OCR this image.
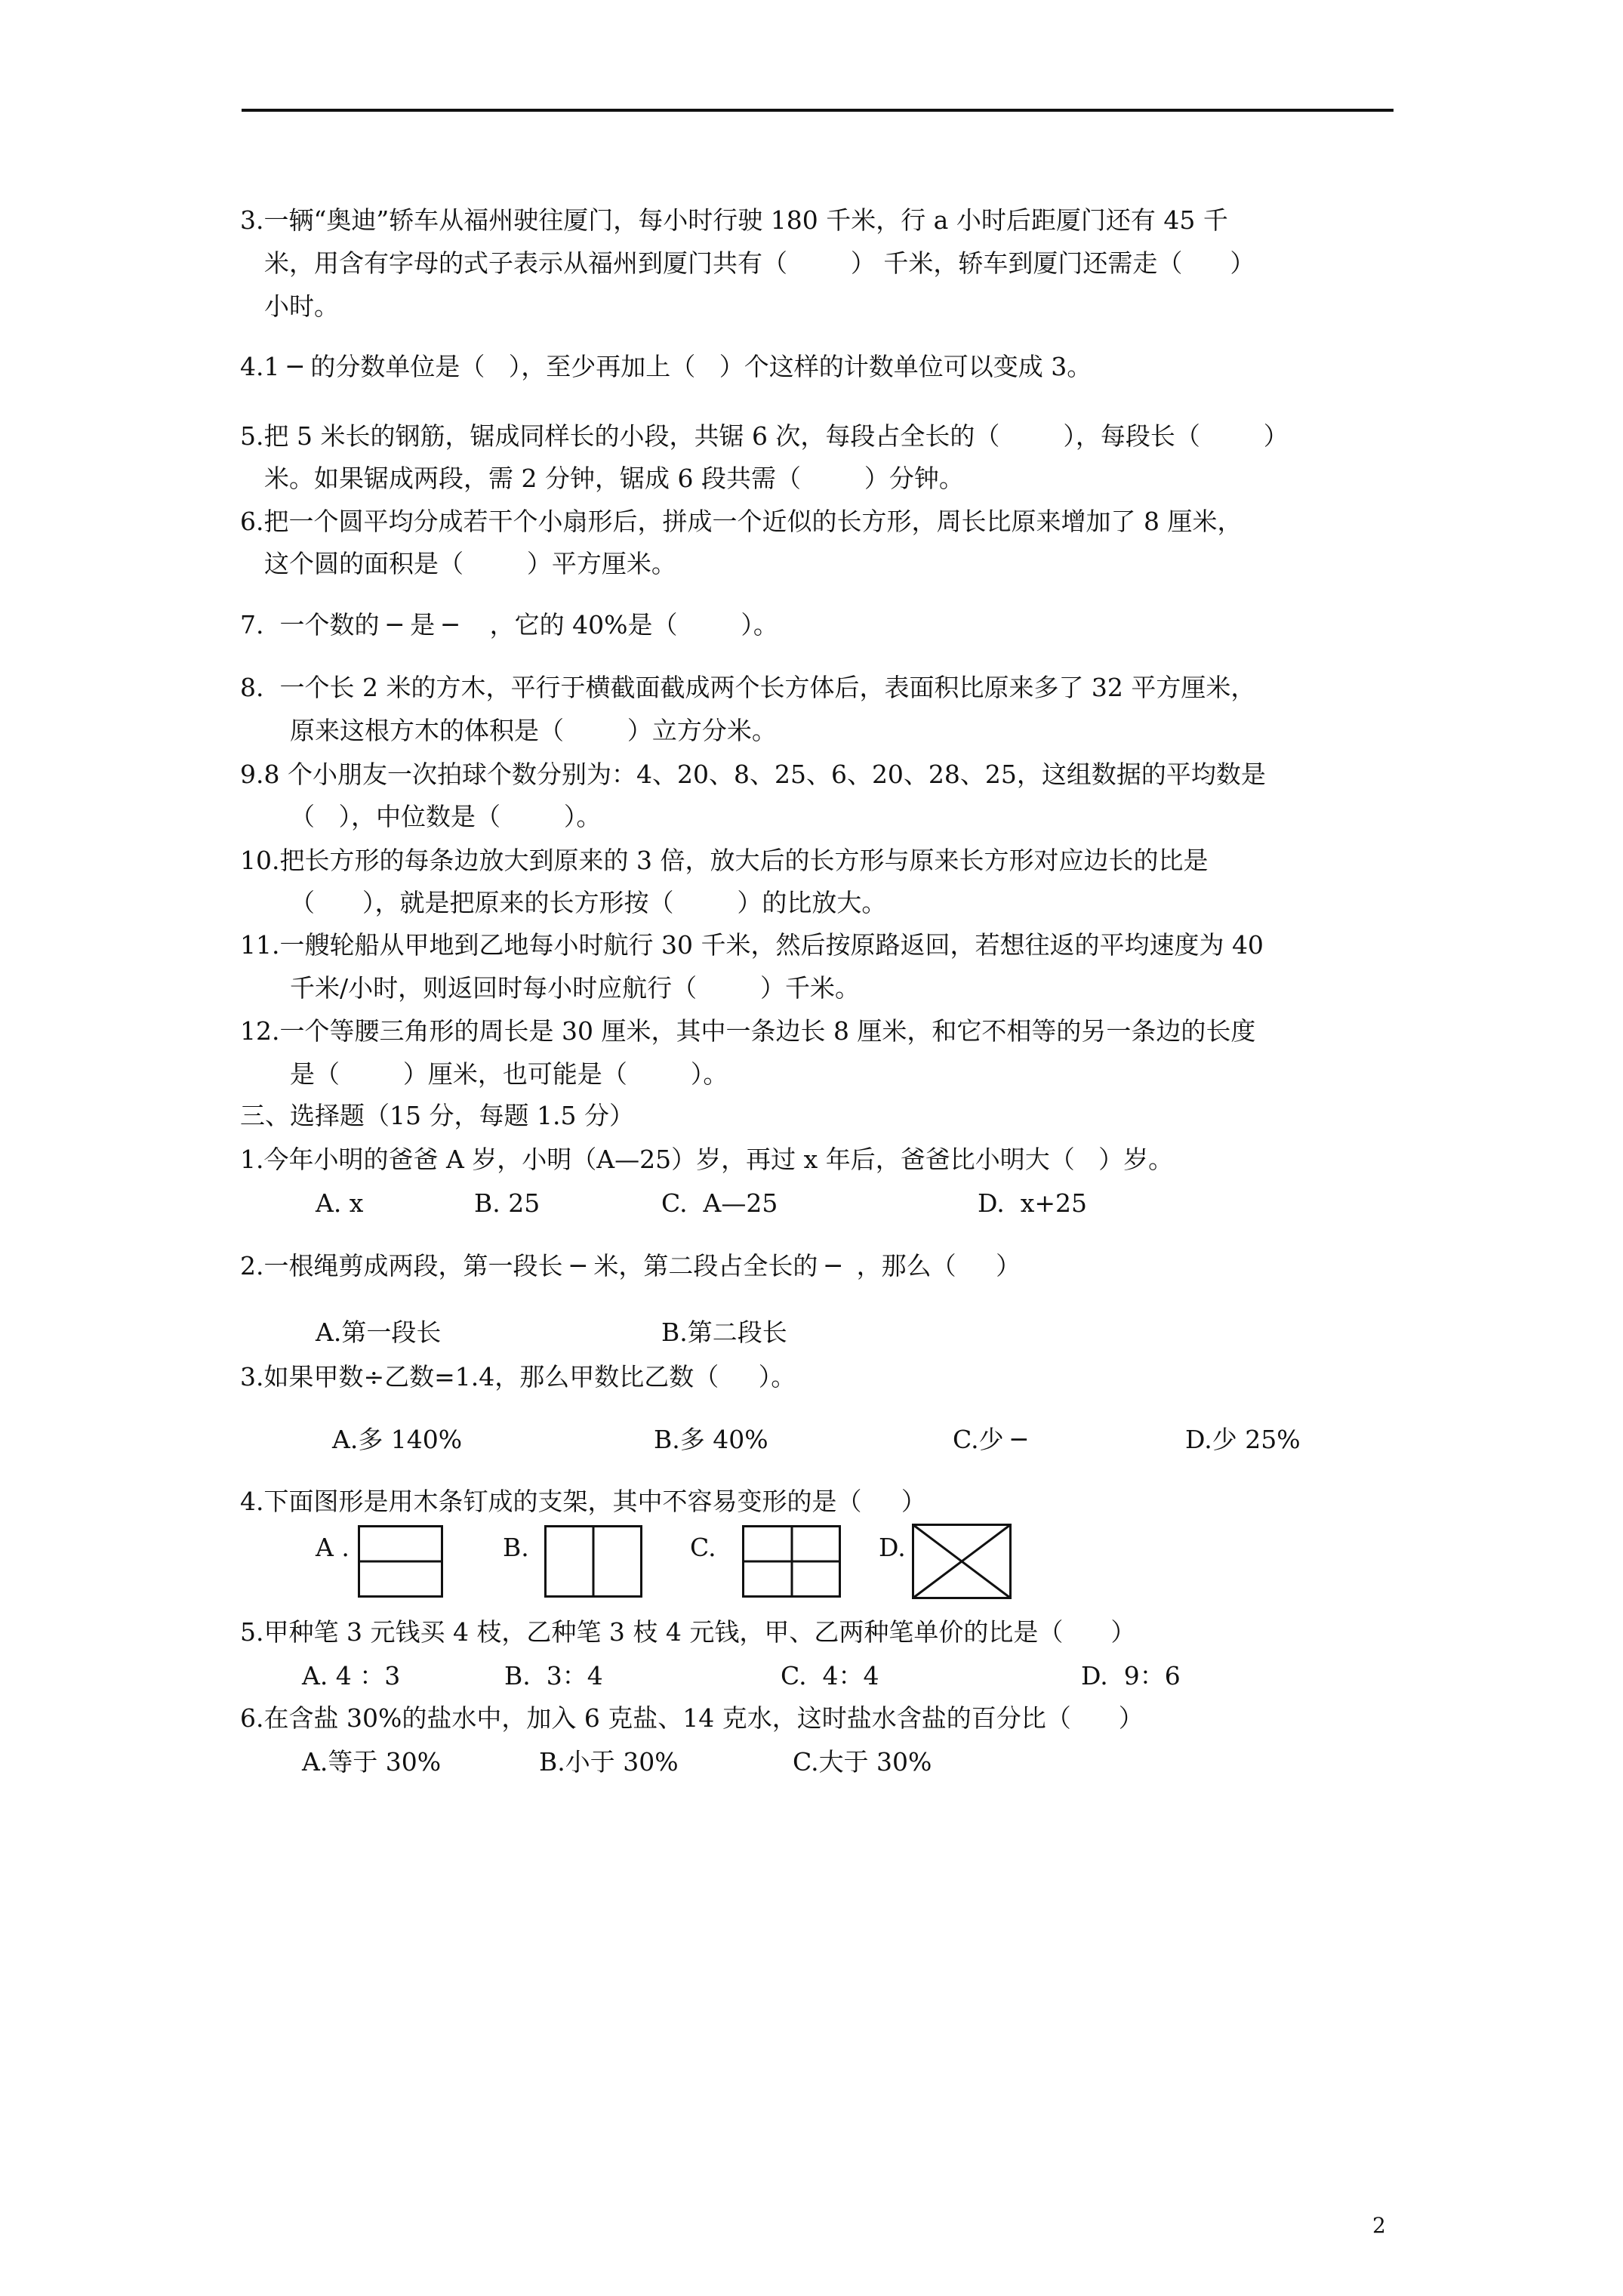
3.一辆“奥迪”轿车从福州驶往厦门，每小时行驶 180 千米，行 a 小时后距厦门还有 45 千
米，用含有字母的式子表示从福州到厦门共有（        ） 千米，轿车到厦门还需走（      ）
小时。
4.1 ─ 的分数单位是（   ），至少再加上（   ）个这样的计数单位可以变成 3。
5.把 5 米长的钢筋，锯成同样长的小段，共锯 6 次，每段占全长的（        ），每段长（        ）
米。如果锯成两段，需 2 分钟，锯成 6 段共需（        ）分钟。
6.把一个圆平均分成若干个小扇形后，拼成一个近似的长方形，周长比原来增加了 8 厘米，
这个圆的面积是（        ）平方厘米。
7.  一个数的 ─ 是 ─    ，它的 40%是（        ）。
8.  一个长 2 米的方木，平行于横截面截成两个长方体后，表面积比原来多了 32 平方厘米，
原来这根方木的体积是（        ）立方分米。
9.8 个小朋友一次拍球个数分别为：4、20、8、25、6、20、28、25，这组数据的平均数是
（   ），中位数是（        ）。
10.把长方形的每条边放大到原来的 3 倍，放大后的长方形与原来长方形对应边长的比是
（      ），就是把原来的长方形按（        ）的比放大。
11.一艘轮船从甲地到乙地每小时航行 30 千米，然后按原路返回，若想往返的平均速度为 40
千米/小时，则返回时每小时应航行（        ）千米。
12.一个等腰三角形的周长是 30 厘米，其中一条边长 8 厘米，和它不相等的另一条边的长度
是（        ）厘米，也可能是（        ）。
三、选择题（15 分，每题 1.5 分）
1.今年小明的爸爸 A 岁，小明（A—25）岁，再过 x 年后，爸爸比小明大（   ）岁。
A. x	B. 25	C.  A—25	D.  x+25
2.一根绳剪成两段，第一段长 ─ 米，第二段占全长的 ─  ，那么（     ）
A.第一段长	B.第二段长
3.如果甲数÷乙数=1.4，那么甲数比乙数（     ）。
A.多 140%	B.多 40%	C.少 ─	D.少 25%
4.下面图形是用木条钉成的支架，其中不容易变形的是（     ）
A .	B.	C.	D.
5.甲种笔 3 元钱买 4 枝，乙种笔 3 枝 4 元钱，甲、乙两种笔单价的比是（      ）
A. 4 ：3	B.  3：4	C.  4：4	D.  9：6
6.在含盐 30%的盐水中，加入 6 克盐、14 克水，这时盐水含盐的百分比（      ）
A.等于 30%	B.小于 30%	C.大于 30%
2
